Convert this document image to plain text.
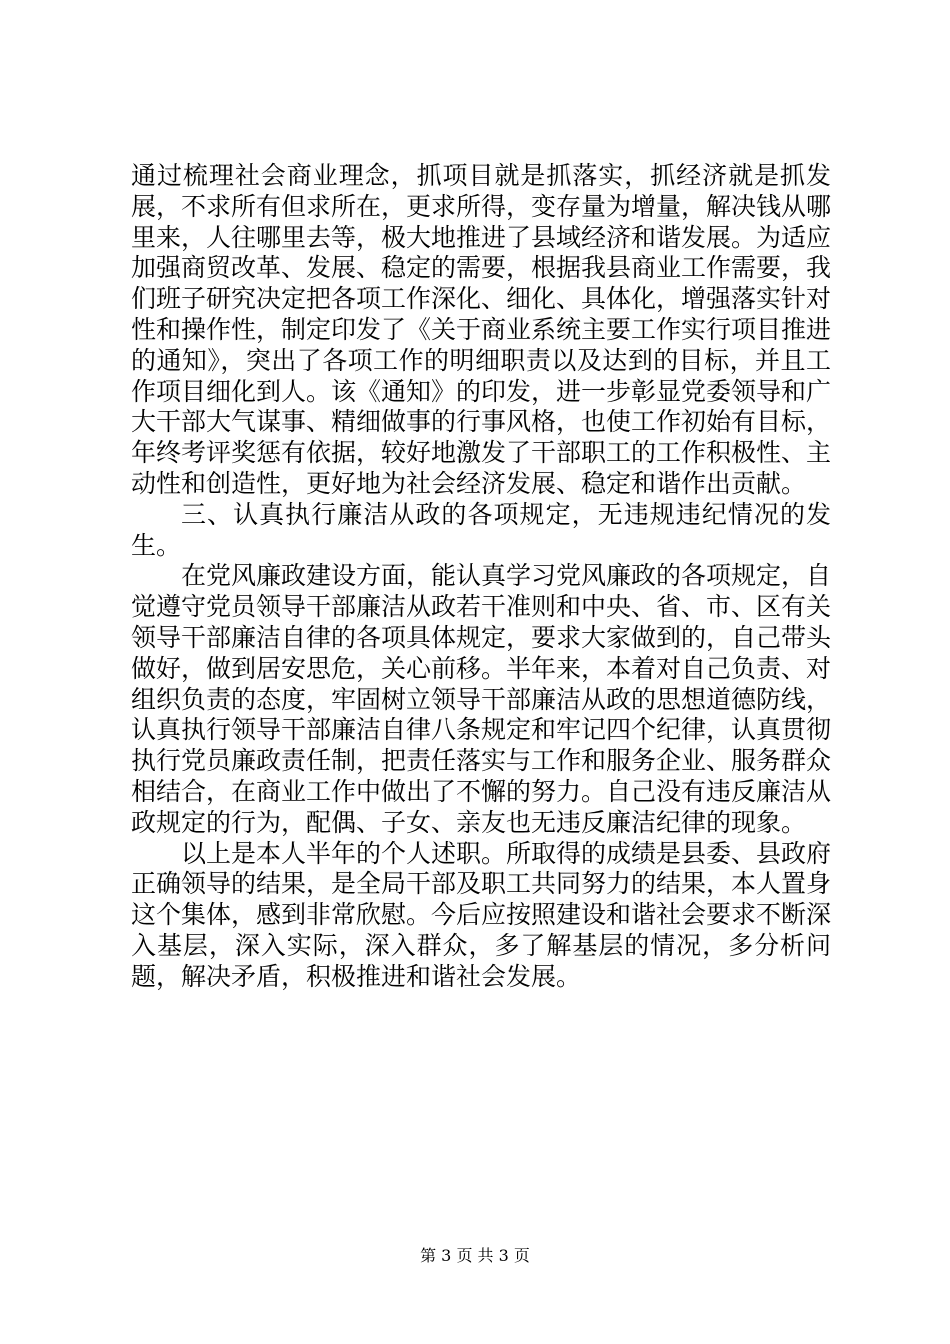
通过梳理社会商业理念，抓项目就是抓落实，抓经济就是抓发展，不求所有但求所在，更求所得，变存量为增量，解决钱从哪里来，人往哪里去等，极大地推进了县域经济和谐发展。为适应加强商贸改革、发展、稳定的需要，根据我县商业工作需要，我们班子研究决定把各项工作深化、细化、具体化，增强落实针对性和操作性，制定印发了《关于商业系统主要工作实行项目推进的通知》，突出了各项工作的明细职责以及达到的目标，并且工作项目细化到人。该《通知》的印发，进一步彰显党委领导和广大干部大气谋事、精细做事的行事风格，也使工作初始有目标，年终考评奖惩有依据，较好地激发了干部职工的工作积极性、主动性和创造性，更好地为社会经济发展、稳定和谐作出贡献。

三、认真执行廉洁从政的各项规定，无违规违纪情况的发生。

在党风廉政建设方面，能认真学习党风廉政的各项规定，自觉遵守党员领导干部廉洁从政若干准则和中央、省、市、区有关领导干部廉洁自律的各项具体规定，要求大家做到的，自己带头做好，做到居安思危，关心前移。半年来，本着对自己负责、对组织负责的态度，牢固树立领导干部廉洁从政的思想道德防线，认真执行领导干部廉洁自律八条规定和牢记四个纪律，认真贯彻执行党员廉政责任制，把责任落实与工作和服务企业、服务群众相结合，在商业工作中做出了不懈的努力。自己没有违反廉洁从政规定的行为，配偶、子女、亲友也无违反廉洁纪律的现象。

以上是本人半年的个人述职。所取得的成绩是县委、县政府正确领导的结果，是全局干部及职工共同努力的结果，本人置身这个集体，感到非常欣慰。今后应按照建设和谐社会要求不断深入基层，深入实际，深入群众，多了解基层的情况，多分析问题，解决矛盾，积极推进和谐社会发展。

第 3 页 共 3 页
